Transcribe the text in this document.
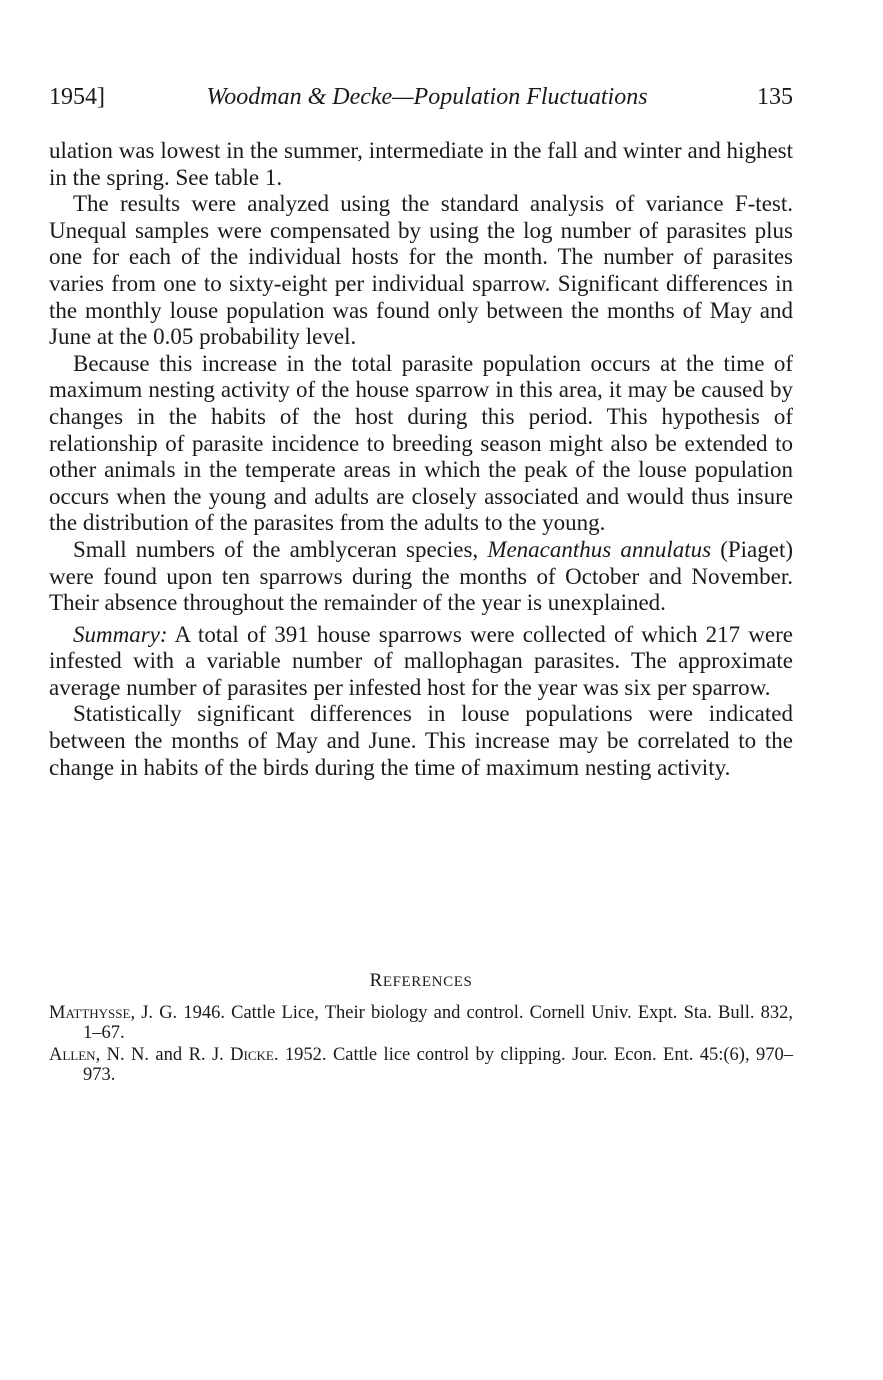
1954]	Woodman & Decke—Population Fluctuations	135

ulation was lowest in the summer, intermediate in the fall and winter and highest in the spring. See table 1.

The results were analyzed using the standard analysis of variance F-test. Unequal samples were compensated by using the log number of parasites plus one for each of the individual hosts for the month. The number of parasites varies from one to sixty-eight per individual sparrow. Significant differences in the monthly louse population was found only between the months of May and June at the 0.05 probability level.

Because this increase in the total parasite population occurs at the time of maximum nesting activity of the house sparrow in this area, it may be caused by changes in the habits of the host during this period. This hypothesis of relationship of parasite incidence to breeding season might also be extended to other animals in the temperate areas in which the peak of the louse population occurs when the young and adults are closely associated and would thus insure the distribution of the parasites from the adults to the young.

Small numbers of the amblyceran species, Menacanthus annulatus (Piaget) were found upon ten sparrows during the months of October and November. Their absence throughout the remainder of the year is unexplained.

Summary: A total of 391 house sparrows were collected of which 217 were infested with a variable number of mallophagan parasites. The approximate average number of parasites per infested host for the year was six per sparrow.

Statistically significant differences in louse populations were indicated between the months of May and June. This increase may be correlated to the change in habits of the birds during the time of maximum nesting activity.

REFERENCES

Matthysse, J. G. 1946. Cattle Lice, Their biology and control. Cornell Univ. Expt. Sta. Bull. 832, 1–67.

Allen, N. N. and R. J. Dicke. 1952. Cattle lice control by clipping. Jour. Econ. Ent. 45:(6), 970–973.
